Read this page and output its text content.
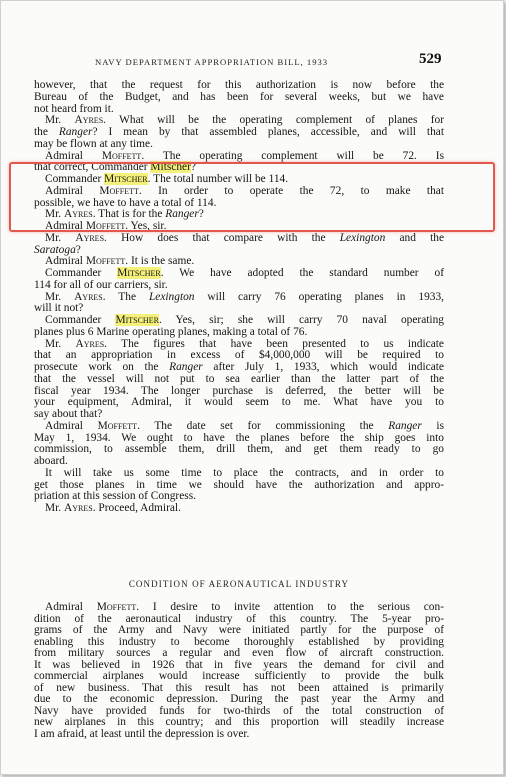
NAVY DEPARTMENT APPROPRIATION BILL, 1933	529
however, that the request for this authorization is now before the
Bureau of the Budget, and has been for several weeks, but we have
not heard from it.
Mr. Ayres. What will be the operating complement of planes for
the Ranger? I mean by that assembled planes, accessible, and will that
may be flown at any time.
Admiral Moffett. The operating complement will be 72. Is
that correct, Commander Mitscher?
Commander Mitscher. The total number will be 114.
Admiral Moffett. In order to operate the 72, to make that
possible, we have to have a total of 114.
Mr. Ayres. That is for the Ranger?
Admiral Moffett. Yes, sir.
Mr. Ayres. How does that compare with the Lexington and the
Saratoga?
Admiral Moffett. It is the same.
Commander Mitscher. We have adopted the standard number of
114 for all of our carriers, sir.
Mr. Ayres. The Lexington will carry 76 operating planes in 1933,
will it not?
Commander Mitscher. Yes, sir; she will carry 70 naval operating
planes plus 6 Marine operating planes, making a total of 76.
Mr. Ayres. The figures that have been presented to us indicate
that an appropriation in excess of $4,000,000 will be required to
prosecute work on the Ranger after July 1, 1933, which would indicate
that the vessel will not put to sea earlier than the latter part of the
fiscal year 1934. The longer purchase is deferred, the better will be
your equipment, Admiral, it would seem to me. What have you to
say about that?
Admiral Moffett. The date set for commissioning the Ranger is
May 1, 1934. We ought to have the planes before the ship goes into
commission, to assemble them, drill them, and get them ready to go
aboard.
It will take us some time to place the contracts, and in order to
get those planes in time we should have the authorization and appro-
priation at this session of Congress.
Mr. Ayres. Proceed, Admiral.
CONDITION OF AERONAUTICAL INDUSTRY
Admiral Moffett. I desire to invite attention to the serious con-
dition of the aeronautical industry of this country. The 5-year pro-
grams of the Army and Navy were initiated partly for the purpose of
enabling this industry to become thoroughly established by providing
from military sources a regular and even flow of aircraft construction.
It was believed in 1926 that in five years the demand for civil and
commercial airplanes would increase sufficiently to provide the bulk
of new business. That this result has not been attained is primarily
due to the economic depression. During the past year the Army and
Navy have provided funds for two-thirds of the total construction of
new airplanes in this country; and this proportion will steadily increase
I am afraid, at least until the depression is over.
